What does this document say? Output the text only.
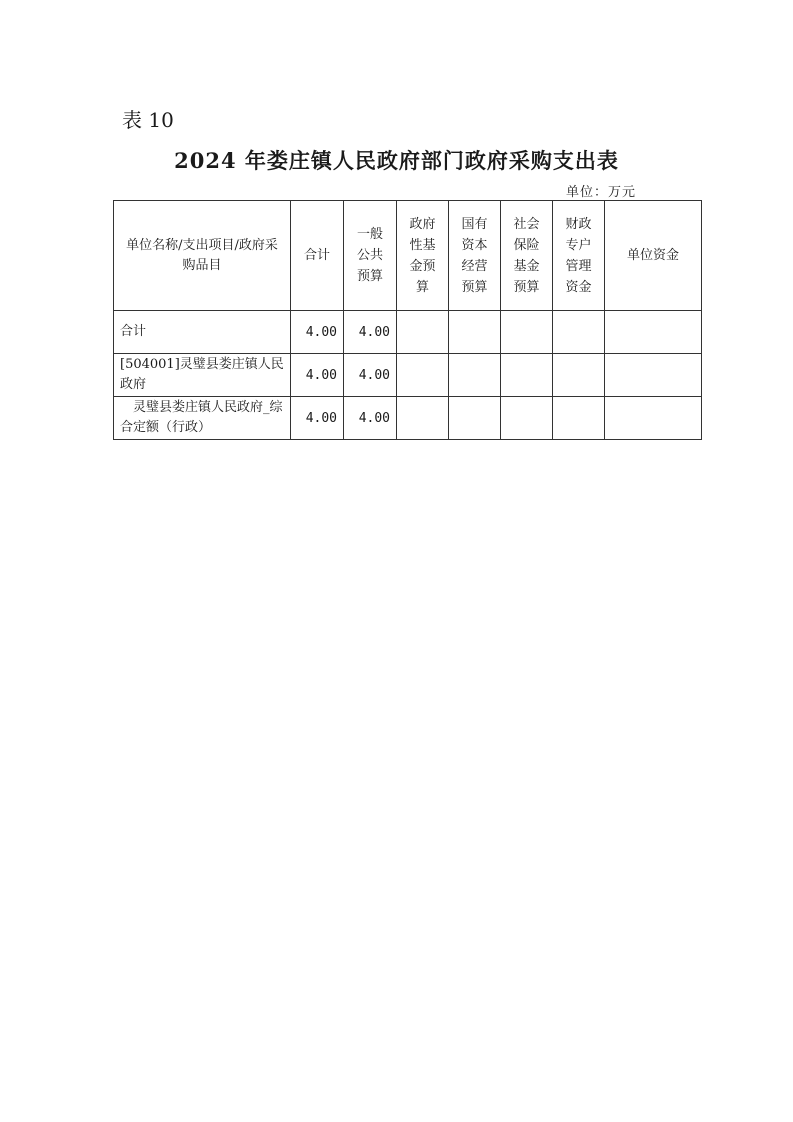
表 10
2024 年娄庄镇人民政府部门政府采购支出表
单位：万元
单位名称/支出项目/政府采购品目	合计	一般公共预算	政府性基金预算	国有资本经营预算	社会保险基金预算	财政专户管理资金	单位资金
合计	4.00	4.00					
[504001]灵璧县娄庄镇人民政府	4.00	4.00					
灵璧县娄庄镇人民政府_综合定额（行政）	4.00	4.00					
